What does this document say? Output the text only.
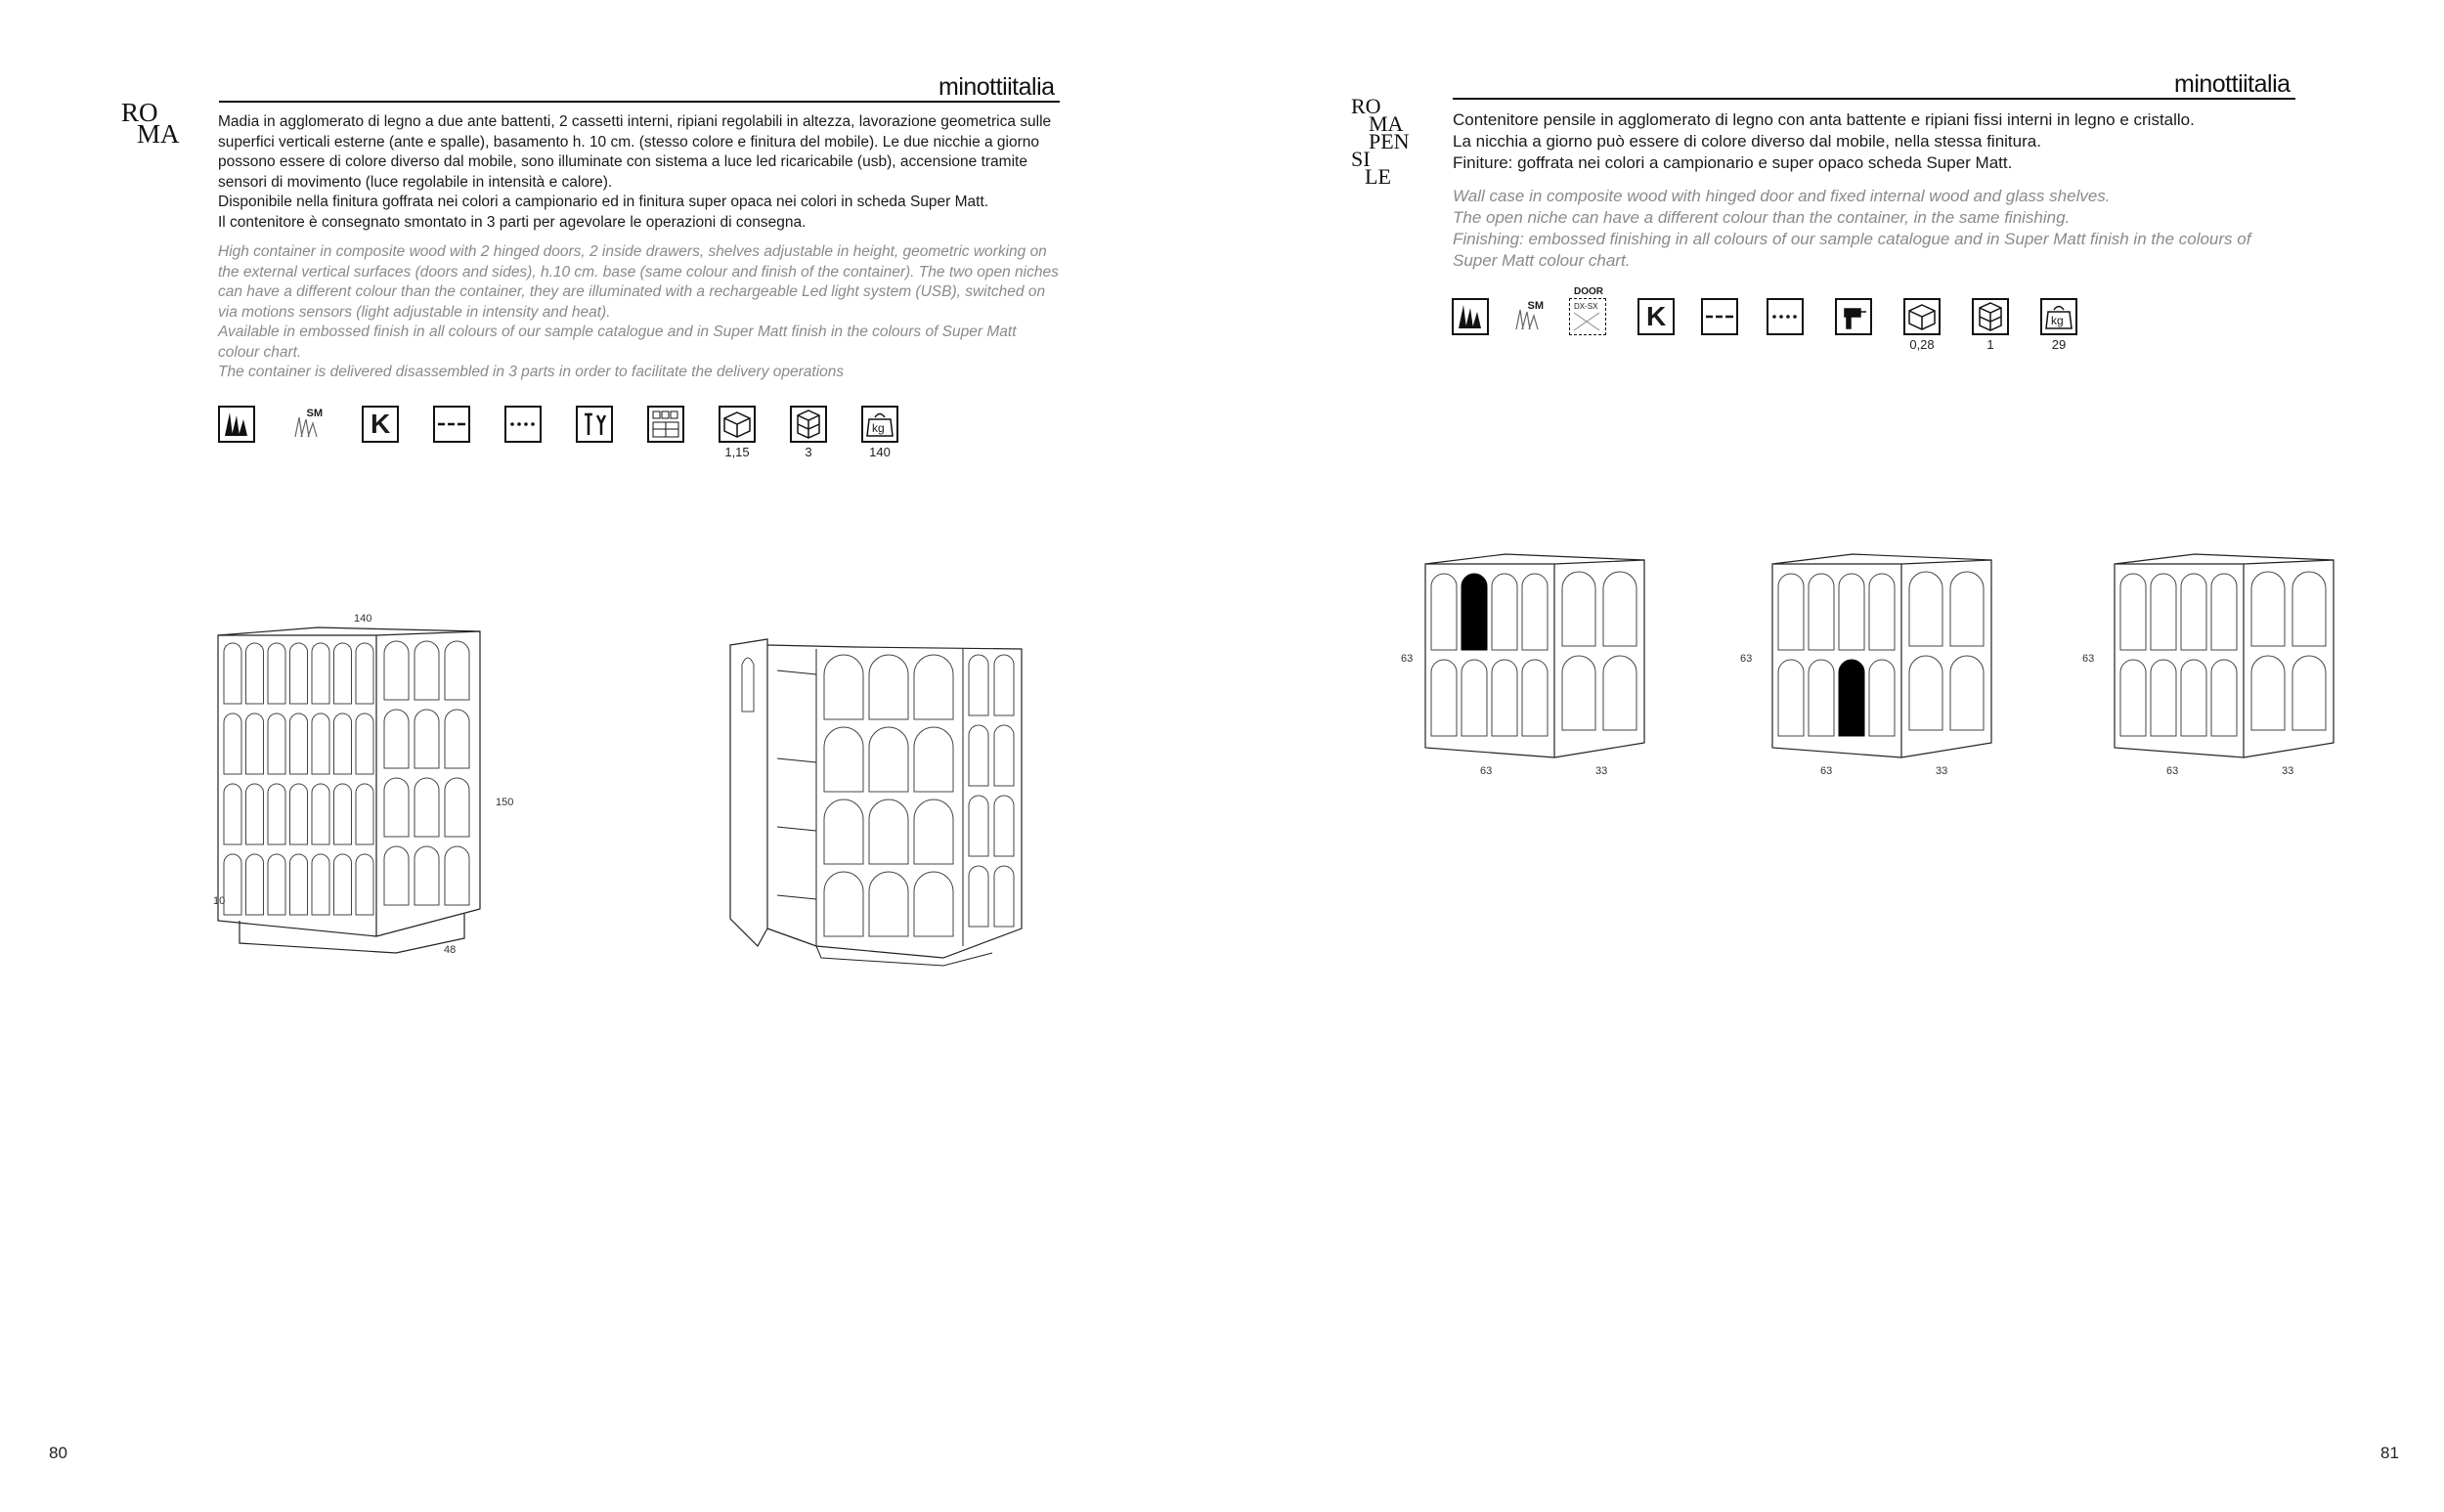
RO
MA
minottiitalia

Madia in agglomerato di legno a due ante battenti, 2 cassetti interni, ripiani regolabili in altezza, lavorazione geometrica sulle superfici verticali esterne (ante e spalle), basamento h. 10 cm. (stesso colore e finitura del mobile). Le due nicchie a giorno possono essere di colore diverso dal mobile, sono illuminate con sistema a luce led ricaricabile (usb), accensione tramite sensori di movimento (luce regolabile in intensità e calore).

Disponibile nella finitura goffrata nei colori a campionario ed in finitura super opaca nei colori in scheda Super Matt.

Il contenitore è consegnato smontato in 3 parti per agevolare le operazioni di consegna.

High container in composite wood with 2 hinged doors, 2 inside drawers, shelves adjustable in height, geometric working on the external vertical surfaces (doors and sides), h.10 cm. base (same colour and finish of the container). The two open niches can have a different colour than the container, they are illuminated with a rechargeable Led light system (USB), switched on via motions sensors (light adjustable in intensity and heat).

Available in embossed finish in all colours of our sample catalogue and in Super Matt finish in the colours of Super Matt colour chart.

The container is delivered disassembled in 3 parts in order to facilitate the delivery operations

SM K
1,15	3
kg
140
140
150
10
48
80
RO
MA
PEN
SI
LE
minottiitalia

Contenitore pensile in agglomerato di legno con anta battente e ripiani fissi interni in legno e cristallo.

La nicchia a giorno può essere di colore diverso dal mobile, nella stessa finitura.

Finiture: goffrata nei colori a campionario e super opaco scheda Super Matt.

Wall case in composite wood with hinged door and fixed internal wood and glass shelves.

The open niche can have a different colour than the container, in the same finishing.

Finishing: embossed finishing in all colours of our sample catalogue and in Super Matt finish in the colours of Super Matt colour chart.

SM	DX-SX
DOOR
K
0,28	1
kg
29
63
63	33
63
63	33
63
63	33
81
